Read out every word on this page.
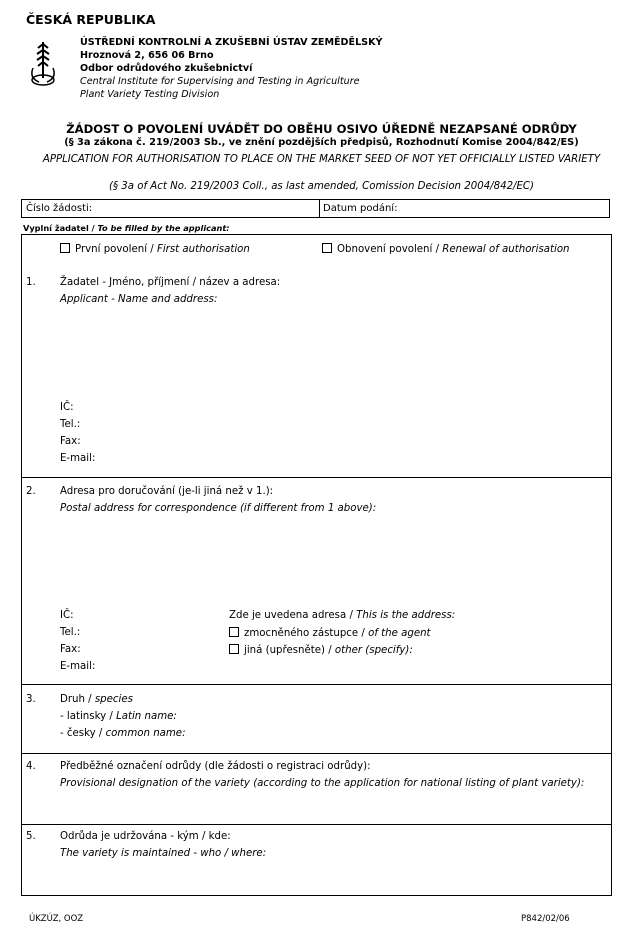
ČESKÁ REPUBLIKA
ÚSTŘEDNÍ KONTROLNÍ A ZKUŠEBNÍ ÚSTAV ZEMĚDĚLSKÝ
Hroznová 2, 656 06 Brno
Odbor odrůdového zkušebnictví
Central Institute for Supervising and Testing in Agriculture
Plant Variety Testing Division
ŽÁDOST O POVOLENÍ UVÁDĚT DO OBĚHU OSIVO ÚŘEDNĚ NEZAPSANÉ ODRŮDY
(§ 3a zákona č. 219/2003 Sb., ve znění pozdějších předpisů, Rozhodnutí Komise 2004/842/ES)
APPLICATION FOR AUTHORISATION TO PLACE ON THE MARKET SEED OF NOT YET OFFICIALLY LISTED VARIETY
(§ 3a of Act No. 219/2003 Coll., as last amended, Comission Decision 2004/842/EC)
Číslo žádosti:	Datum podání:
Vyplní žadatel / To be filled by the applicant:
První povolení / First authorisation	Obnovení povolení / Renewal of authorisation
1. Žadatel - Jméno, příjmení / název a adresa:
Applicant - Name and address:
IČ:
Tel.:
Fax:
E-mail:
2. Adresa pro doručování (je-li jiná než v 1.):
Postal address for correspondence (if different from 1 above):
IČ:
Tel.:
Fax:
E-mail:
Zde je uvedena adresa / This is the address:
zmocněného zástupce / of the agent
jiná (upřesněte) / other (specify):
3. Druh / species
- latinsky / Latin name:
- česky / common name:
4. Předběžné označení odrůdy (dle žádosti o registraci odrůdy):
Provisional designation of the variety (according to the application for national listing of plant variety):
5. Odrůda je udržována - kým / kde:
The variety is maintained - who / where:
ÚKZÚZ, OOZ	P842/02/06
